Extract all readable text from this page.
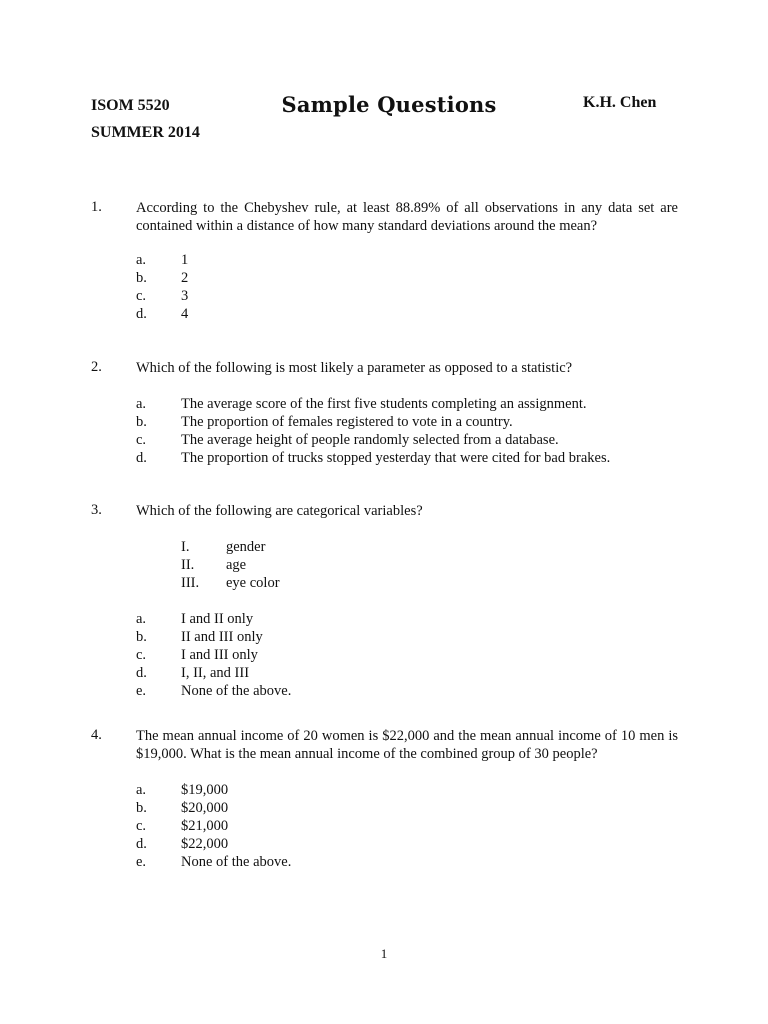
ISOM 5520
SUMMER 2014
Sample Questions	K.H. Chen
1. According to the Chebyshev rule, at least 88.89% of all observations in any data set are contained within a distance of how many standard deviations around the mean?
a. 1
b. 2
c. 3
d. 4
2. Which of the following is most likely a parameter as opposed to a statistic?
a. The average score of the first five students completing an assignment.
b. The proportion of females registered to vote in a country.
c. The average height of people randomly selected from a database.
d. The proportion of trucks stopped yesterday that were cited for bad brakes.
3. Which of the following are categorical variables?
I.	gender
II. age
III. eye color
a. I and II only
b. II and III only
c. I and III only
d. I, II, and III
e. None of the above.
4. The mean annual income of 20 women is $22,000 and the mean annual income of 10 men is $19,000. What is the mean annual income of the combined group of 30 people?
a. $19,000
b. $20,000
c. $21,000
d. $22,000
e. None of the above.
1
